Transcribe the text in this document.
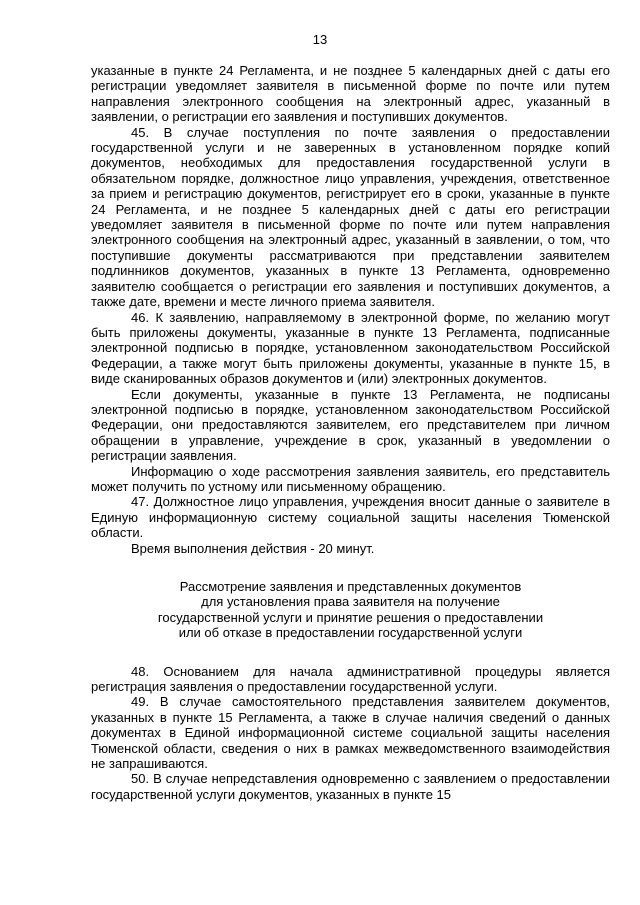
13

указанные в пункте 24 Регламента, и не позднее 5 календарных дней с даты его регистрации уведомляет заявителя в письменной форме по почте или путем направления электронного сообщения на электронный адрес, указанный в заявлении, о регистрации его заявления и поступивших документов.

45. В случае поступления по почте заявления о предоставлении государственной услуги и не заверенных в установленном порядке копий документов, необходимых для предоставления государственной услуги в обязательном порядке, должностное лицо управления, учреждения, ответственное за прием и регистрацию документов, регистрирует его в сроки, указанные в пункте 24 Регламента, и не позднее 5 календарных дней с даты его регистрации уведомляет заявителя в письменной форме по почте или путем направления электронного сообщения на электронный адрес, указанный в заявлении, о том, что поступившие документы рассматриваются при представлении заявителем подлинников документов, указанных в пункте 13 Регламента, одновременно заявителю сообщается о регистрации его заявления и поступивших документов, а также дате, времени и месте личного приема заявителя.

46. К заявлению, направляемому в электронной форме, по желанию могут быть приложены документы, указанные в пункте 13 Регламента, подписанные электронной подписью в порядке, установленном законодательством Российской Федерации, а также могут быть приложены документы, указанные в пункте 15, в виде сканированных образов документов и (или) электронных документов.

Если документы, указанные в пункте 13 Регламента, не подписаны электронной подписью в порядке, установленном законодательством Российской Федерации, они предоставляются заявителем, его представителем при личном обращении в управление, учреждение в срок, указанный в уведомлении о регистрации заявления.

Информацию о ходе рассмотрения заявления заявитель, его представитель может получить по устному или письменному обращению.

47. Должностное лицо управления, учреждения вносит данные о заявителе в Единую информационную систему социальной защиты населения Тюменской области.

Время выполнения действия - 20 минут.

Рассмотрение заявления и представленных документов
для установления права заявителя на получение
государственной услуги и принятие решения о предоставлении
или об отказе в предоставлении государственной услуги

48. Основанием для начала административной процедуры является регистрация заявления о предоставлении государственной услуги.

49. В случае самостоятельного представления заявителем документов, указанных в пункте 15 Регламента, а также в случае наличия сведений о данных документах в Единой информационной системе социальной защиты населения Тюменской области, сведения о них в рамках межведомственного взаимодействия не запрашиваются.

50. В случае непредставления одновременно с заявлением о предоставлении государственной услуги документов, указанных в пункте 15
